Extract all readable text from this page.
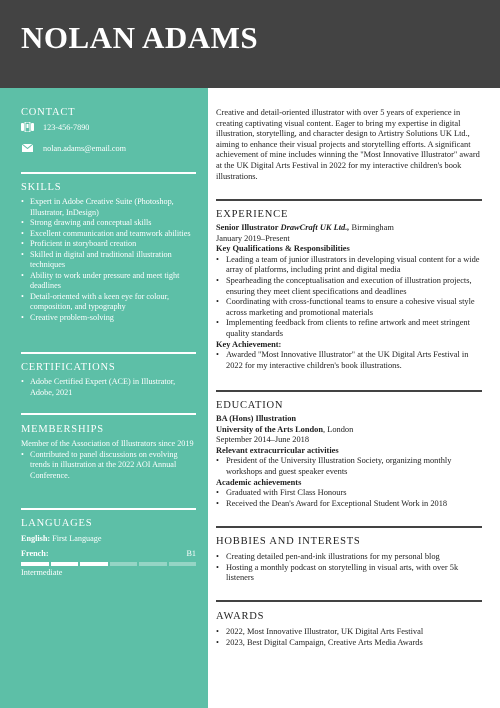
NOLAN ADAMS
CONTACT
123-456-7890
nolan.adams@email.com
SKILLS
• Expert in Adobe Creative Suite (Photoshop, Illustrator, InDesign)
• Strong drawing and conceptual skills
• Excellent communication and teamwork abilities
• Proficient in storyboard creation
• Skilled in digital and traditional illustration techniques
• Ability to work under pressure and meet tight deadlines
• Detail-oriented with a keen eye for colour, composition, and typography
• Creative problem-solving
CERTIFICATIONS
• Adobe Certified Expert (ACE) in Illustrator, Adobe, 2021
MEMBERSHIPS
Member of the Association of Illustrators since 2019
• Contributed to panel discussions on evolving trends in illustration at the 2022 AOI Annual Conference.
LANGUAGES
English: First Language
French:	B1
Intermediate
Creative and detail-oriented illustrator with over 5 years of experience in creating captivating visual content. Eager to bring my expertise in digital illustration, storytelling, and character design to Artistry Solutions UK Ltd., aiming to enhance their visual projects and storytelling efforts. A significant achievement of mine includes winning the "Most Innovative Illustrator" award at the UK Digital Arts Festival in 2022 for my interactive children's book illustrations.
EXPERIENCE
Senior Illustrator DrawCraft UK Ltd., Birmingham
January 2019–Present
Key Qualifications & Responsibilities
• Leading a team of junior illustrators in developing visual content for a wide array of platforms, including print and digital media
• Spearheading the conceptualisation and execution of illustration projects, ensuring they meet client specifications and deadlines
• Coordinating with cross-functional teams to ensure a cohesive visual style across marketing and promotional materials
• Implementing feedback from clients to refine artwork and meet stringent quality standards
Key Achievement:
• Awarded "Most Innovative Illustrator" at the UK Digital Arts Festival in 2022 for my interactive children's book illustrations.
EDUCATION
BA (Hons) Illustration
University of the Arts London, London
September 2014–June 2018
Relevant extracurricular activities
• President of the University Illustration Society, organizing monthly workshops and guest speaker events
Academic achievements
• Graduated with First Class Honours
• Received the Dean's Award for Exceptional Student Work in 2018
HOBBIES AND INTERESTS
• Creating detailed pen-and-ink illustrations for my personal blog
• Hosting a monthly podcast on storytelling in visual arts, with over 5k listeners
AWARDS
• 2022, Most Innovative Illustrator, UK Digital Arts Festival
• 2023, Best Digital Campaign, Creative Arts Media Awards
